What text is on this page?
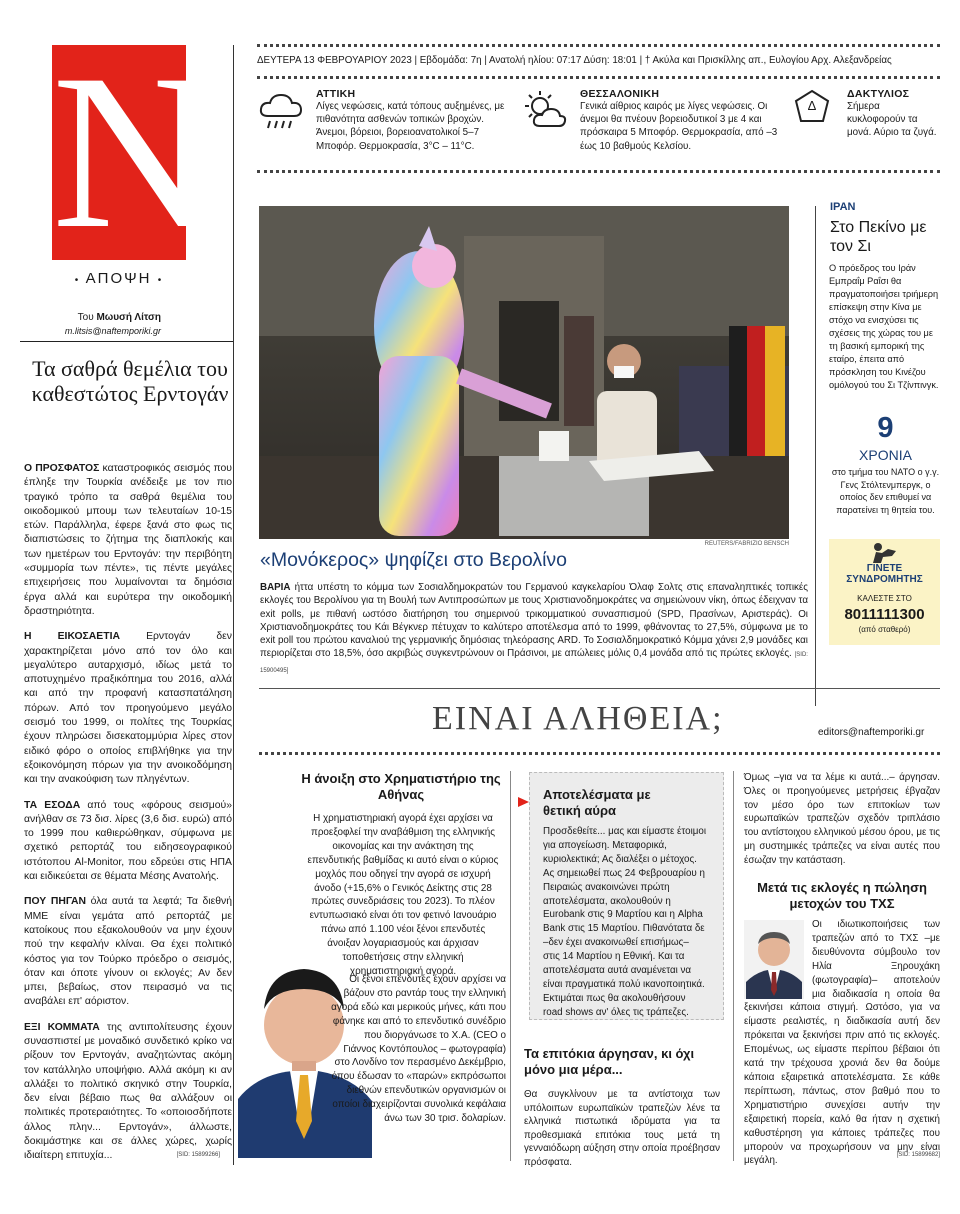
N
• ΑΠΟΨΗ •
Του Μωυσή Λίτση
m.litsis@naftemporiki.gr
Τα σαθρά θεμέλια του καθεστώτος Ερντογάν

Ο ΠΡΟΣΦΑΤΟΣ καταστροφικός σεισμός που έπληξε την Τουρκία ανέδειξε με τον πιο τραγικό τρόπο τα σαθρά θεμέλια του οικοδομικού μπουμ των τελευταίων 10-15 ετών. Παράλληλα, έφερε ξανά στο φως τις διαπιστώσεις το ζήτημα της διαπλοκής και των ημετέρων του Ερντογάν: την περιβόητη «συμμορία των πέντε», τις πέντε μεγάλες επιχειρήσεις που λυμαίνονται τα δημόσια έργα αλλά και ευρύτερα την οικοδομική δραστηριότητα.

Η ΕΙΚΟΣΑΕΤΙΑ Ερντογάν δεν χαρακτηρίζεται μόνο από τον όλο και μεγαλύτερο αυταρχισμό, ιδίως μετά το αποτυχημένο πραξικόπημα του 2016, αλλά και από την προφανή κατασπατάληση πόρων. Από τον προηγούμενο μεγάλο σεισμό του 1999, οι πολίτες της Τουρκίας έχουν πληρώσει δισεκατομμύρια λίρες στον ειδικό φόρο ο οποίος επιβλήθηκε για την εξοικονόμηση πόρων για την ανοικοδόμηση και την ανακούφιση των πληγέντων.

ΤΑ ΕΣΟΔΑ από τους «φόρους σεισμού» ανήλθαν σε 73 δισ. λίρες (3,6 δισ. ευρώ) από το 1999 που καθιερώθηκαν, σύμφωνα με σχετικό ρεπορτάζ του ειδησεογραφικού ιστότοπου Al-Monitor, που εδρεύει στις ΗΠΑ και ειδικεύεται σε θέματα Μέσης Ανατολής.

ΠΟΥ ΠΗΓΑΝ όλα αυτά τα λεφτά; Τα διεθνή ΜΜΕ είναι γεμάτα από ρεπορτάζ με κατοίκους που εξακολουθούν να μην έχουν πού την κεφαλήν κλίναι. Θα έχει πολιτικό κόστος για τον Τούρκο πρόεδρο ο σεισμός, όταν και όποτε γίνουν οι εκλογές; Αν δεν μπει, βεβαίως, στον πειρασμό να τις αναβάλει επ' αόριστον.

ΕΞΙ ΚΟΜΜΑΤΑ της αντιπολίτευσης έχουν συνασπιστεί με μοναδικό συνδετικό κρίκο να ρίξουν τον Ερντογάν, αναζητώντας ακόμη τον κατάλληλο υποψήφιο. Αλλά ακόμη κι αν αλλάξει το πολιτικό σκηνικό στην Τουρκία, δεν είναι βέβαιο πως θα αλλάξουν οι πολιτικές προτεραιότητες. Το «οποιοσδήποτε άλλος πλην... Ερντογάν», άλλωστε, δοκιμάστηκε και σε άλλες χώρες, χωρίς ιδιαίτερη επιτυχία...	[SID: 15899266]
ΔΕΥΤΕΡΑ 13 ΦΕΒΡΟΥΑΡΙΟΥ 2023 | Εβδομάδα: 7η | Ανατολή ηλίου: 07:17 Δύση: 18:01 | † Ακύλα και Πρισκίλλης απ., Ευλογίου Αρχ. Αλεξανδρείας
ΑΤΤΙΚΗ
Λίγες νεφώσεις, κατά τόπους αυξημένες, με πιθανότητα ασθενών τοπικών βροχών. Άνεμοι, βόρειοι, βορειοανατολικοί 5–7 Μποφόρ. Θερμοκρασία, 3°C – 11°C.
ΘΕΣΣΑΛΟΝΙΚΗ
Γενικά αίθριος καιρός με λίγες νεφώσεις. Οι άνεμοι θα πνέουν βορειοδυτικοί 3 με 4 και πρόσκαιρα 5 Μποφόρ. Θερμοκρασία, από –3 έως 10 βαθμούς Κελσίου.
Δ
ΔΑΚΤΥΛΙΟΣ
Σήμερα κυκλοφορούν τα μονά. Αύριο τα ζυγά.
REUTERS/FABRIZIO BENSCH
«Μονόκερος» ψηφίζει στο Βερολίνο

ΒΑΡΙΑ ήττα υπέστη το κόμμα των Σοσιαλδημοκρατών του Γερμανού καγκελαρίου Όλαφ Σολτς στις επαναληπτικές τοπικές εκλογές του Βερολίνου για τη Βουλή των Αντιπροσώπων με τους Χριστιανοδημοκράτες να σημειώνουν νίκη, όπως έδειχναν τα exit polls, με πιθανή ωστόσο διατήρηση του σημερινού τρικομματικού συνασπισμού (SPD, Πρασίνων, Αριστεράς). Οι Χριστιανοδημοκράτες του Κάι Βέγκνερ πέτυχαν το καλύτερο αποτέλεσμα από το 1999, φθάνοντας το 27,5%, σύμφωνα με το exit poll του πρώτου καναλιού της γερμανικής δημόσιας τηλεόρασης ARD. Το Σοσιαλδημοκρατικό Κόμμα χάνει 2,9 μονάδες και περιορίζεται στο 18,5%, όσο ακριβώς συγκεντρώνουν οι Πράσινοι, με απώλειες μόλις 0,4 μονάδα από τις πρώτες εκλογές. [SID: 15900495]

ΙΡΑΝ
Στο Πεκίνο με τον Σι
Ο πρόεδρος του Ιράν Εμπραΐμ Ραΐσι θα πραγματοποιήσει τριήμερη επίσκεψη στην Κίνα με στόχο να ενισχύσει τις σχέσεις της χώρας του με τη βασική εμπορική της εταίρο, έπειτα από πρόσκληση του Κινέζου ομόλογού του Σι Τζίνπινγκ.
9
ΧΡΟΝΙΑ
στο τμήμα του ΝΑΤΟ ο γ.γ. Γενς Στόλτενμπεργκ, ο οποίος δεν επιθυμεί να παρατείνει τη θητεία του.
ΓΙΝΕΤΕ
ΣΥΝΔΡΟΜΗΤΗΣ
ΚΑΛΕΣΤΕ ΣΤΟ
8011111300
(από σταθερό)
ΕΙΝΑΙ ΑΛΗΘΕΙΑ;	editors@naftemporiki.gr
Η άνοιξη στο Χρηματιστήριο της Αθήνας
Η χρηματιστηριακή αγορά έχει αρχίσει να προεξοφλεί την αναβάθμιση της ελληνικής οικονομίας και την ανάκτηση της επενδυτικής βαθμίδας κι αυτό είναι ο κύριος μοχλός που οδηγεί την αγορά σε ισχυρή άνοδο (+15,6% ο Γενικός Δείκτης στις 28 πρώτες συνεδριάσεις του 2023). Το πλέον εντυπωσιακό είναι ότι τον φετινό Ιανουάριο πάνω από 1.100 νέοι ξένοι επενδυτές άνοιξαν λογαριασμούς και άρχισαν τοποθετήσεις στην ελληνική χρηματιστηριακή αγορά.
Οι ξένοι επενδυτές έχουν αρχίσει να βάζουν στο ραντάρ τους την ελληνική αγορά εδώ και μερικούς μήνες, κάτι που φάνηκε και από το επενδυτικό συνέδριο που διοργάνωσε το Χ.Α. (CEO ο Γιάννος Κοντόπουλος – φωτογραφία) στο Λονδίνο τον περασμένο Δεκέμβριο, όπου έδωσαν το «παρών» εκπρόσωποι διεθνών επενδυτικών οργανισμών οι οποίοι διαχειρίζονται συνολικά κεφάλαια άνω των 30 τρισ. δολαρίων.
Αποτελέσματα με θετική αύρα
Προσδεθείτε... μας και είμαστε έτοιμοι για απογείωση. Μεταφορικά, κυριολεκτικά; Ας διαλέξει ο μέτοχος. Ας σημειωθεί πως 24 Φεβρουαρίου η Πειραιώς ανακοινώνει πρώτη αποτελέσματα, ακολουθούν η Eurobank στις 9 Μαρτίου και η Alpha Bank στις 15 Μαρτίου. Πιθανότατα δε –δεν έχει ανακοινωθεί επισήμως– στις 14 Μαρτίου η Εθνική. Και τα αποτελέσματα αυτά αναμένεται να είναι πραγματικά πολύ ικανοποιητικά. Εκτιμάται πως θα ακολουθήσουν road shows αν' όλες τις τράπεζες.
Τα επιτόκια άργησαν, κι όχι μόνο μια μέρα...
Θα συγκλίνουν με τα αντίστοιχα των υπόλοιπων ευρωπαϊκών τραπεζών λένε τα ελληνικά πιστωτικά ιδρύματα για τα προθεσμιακά επιτόκια τους μετά τη γενναιόδωρη αύξηση στην οποία προέβησαν πρόσφατα.
Όμως –για να τα λέμε κι αυτά...– άργησαν. Όλες οι προηγούμενες μετρήσεις έβγαζαν τον μέσο όρο των επιτοκίων των ευρωπαϊκών τραπεζών σχεδόν τριπλάσιο του αντίστοιχου ελληνικού μέσου όρου, με τις μη συστημικές τράπεζες να είναι αυτές που έσωζαν την κατάσταση.
Μετά τις εκλογές η πώληση μετοχών του ΤΧΣ

Οι ιδιωτικοποιήσεις των τραπεζών από το ΤΧΣ –με διευθύνοντα σύμβουλο τον Ηλία Ξηρουχάκη (φωτογραφία)– αποτελούν μια διαδικασία η οποία θα ξεκινήσει κάποια στιγμή. Ωστόσο, για να είμαστε ρεαλιστές, η διαδικασία αυτή δεν πρόκειται να ξεκινήσει πριν από τις εκλογές. Επομένως, ως είμαστε περίπου βέβαιοι ότι κατά την τρέχουσα χρονιά δεν θα δούμε κάποια εξαιρετικά αποτελέσματα. Σε κάθε περίπτωση, πάντως, στον βαθμό που το Χρηματιστήριο συνεχίσει αυτήν την εξαιρετική πορεία, καλό θα ήταν η σχετική καθυστέρηση για κάποιες τράπεζες που μπορούν να προχωρήσουν να μην είναι μεγάλη.

[SID: 15899682]
